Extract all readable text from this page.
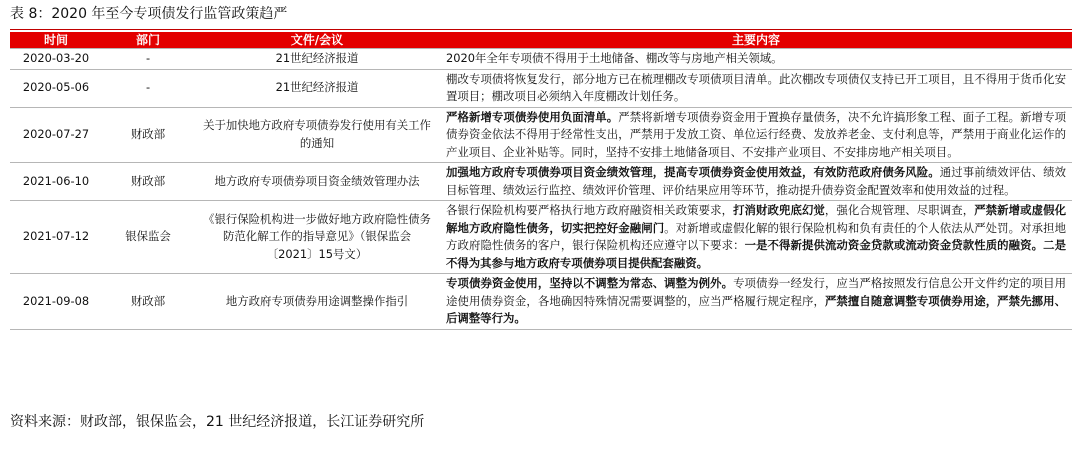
表 8：2020 年至今专项债发行监管政策趋严
时间	部门	文件/会议	主要内容
2020-03-20	-	21世纪经济报道	2020年全年专项债不得用于土地储备、棚改等与房地产相关领域。
2020-05-06	-	21世纪经济报道	棚改专项债将恢复发行，部分地方已在梳理棚改专项债项目清单。此次棚改专项债仅支持已开工项目，且不得用于货币化安置项目；棚改项目必须纳入年度棚改计划任务。
2020-07-27	财政部	关于加快地方政府专项债券发行使用有关工作的通知	严格新增专项债券使用负面清单。严禁将新增专项债券资金用于置换存量债务，决不允许搞形象工程、面子工程。新增专项债券资金依法不得用于经常性支出，严禁用于发放工资、单位运行经费、发放养老金、支付利息等，严禁用于商业化运作的产业项目、企业补贴等。同时，坚持不安排土地储备项目、不安排产业项目、不安排房地产相关项目。
2021-06-10	财政部	地方政府专项债券项目资金绩效管理办法	加强地方政府专项债券项目资金绩效管理，提高专项债券资金使用效益，有效防范政府债务风险。通过事前绩效评估、绩效目标管理、绩效运行监控、绩效评价管理、评价结果应用等环节，推动提升债券资金配置效率和使用效益的过程。
2021-07-12	银保监会	《银行保险机构进一步做好地方政府隐性债务防范化解工作的指导意见》（银保监会〔2021〕15号文）	各银行保险机构要严格执行地方政府融资相关政策要求，打消财政兜底幻觉，强化合规管理、尽职调查，严禁新增或虚假化解地方政府隐性债务，切实把控好金融闸门。对新增或虚假化解的银行保险机构和负有责任的个人依法从严处罚。对承担地方政府隐性债务的客户，银行保险机构还应遵守以下要求：一是不得新提供流动资金贷款或流动资金贷款性质的融资。二是不得为其参与地方政府专项债券项目提供配套融资。
2021-09-08	财政部	地方政府专项债券用途调整操作指引	专项债券资金使用，坚持以不调整为常态、调整为例外。专项债券一经发行，应当严格按照发行信息公开文件约定的项目用途使用债券资金，各地确因特殊情况需要调整的，应当严格履行规定程序，严禁擅自随意调整专项债券用途，严禁先挪用、后调整等行为。
资料来源：财政部，银保监会，21 世纪经济报道，长江证券研究所
